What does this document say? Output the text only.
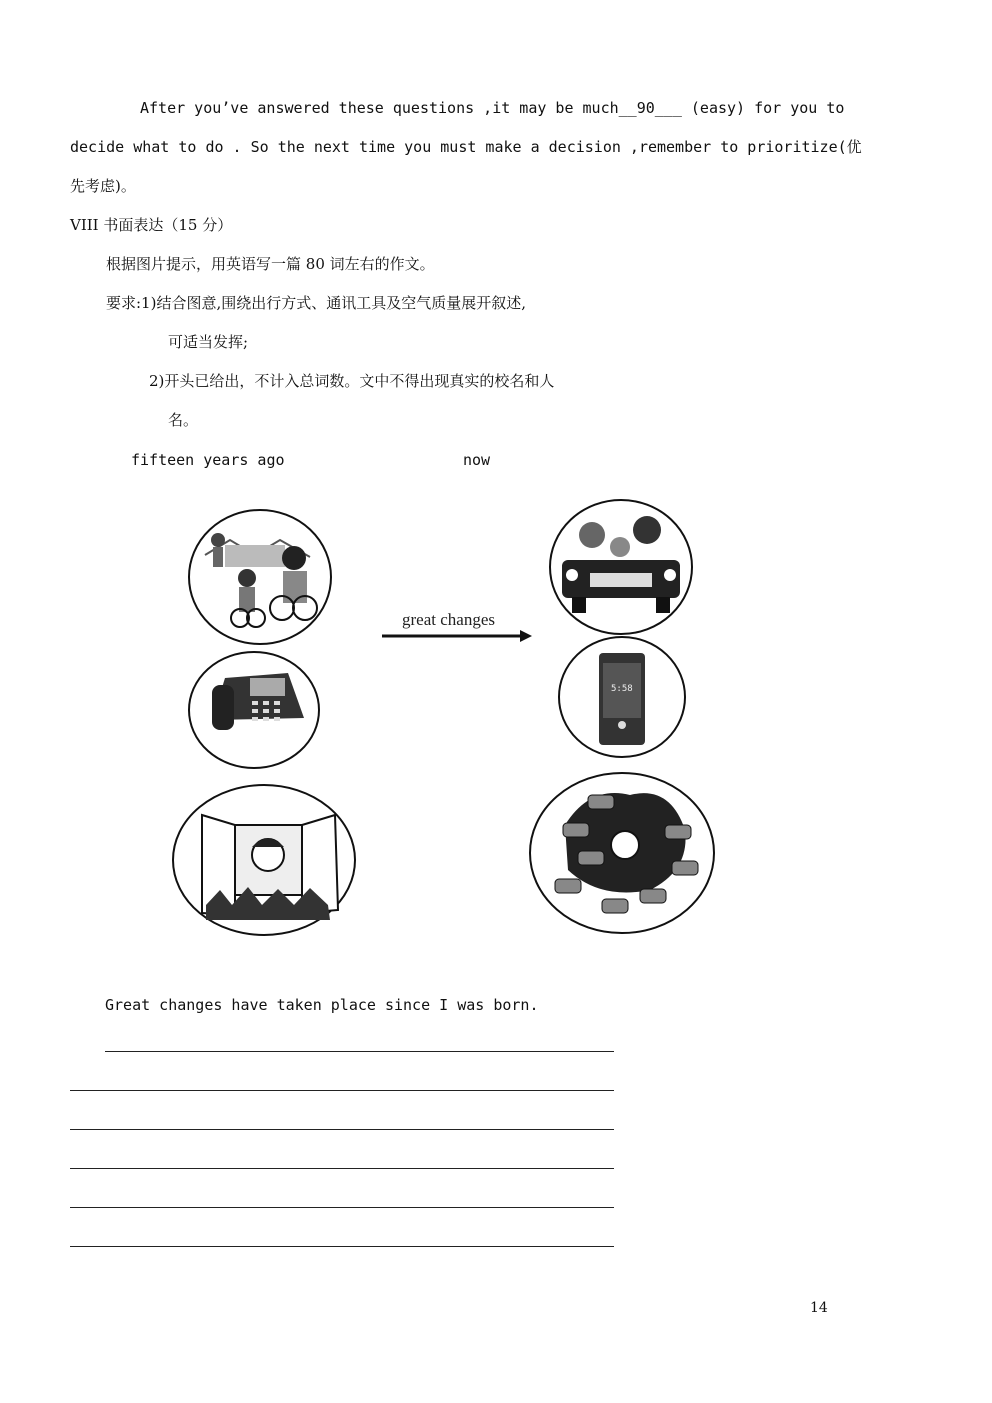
After you’ve answered these questions ,it may be much__90___ (easy) for you to
decide what to do . So the next time you must make a decision ,remember to prioritize(优
先考虑)。
VIII 书面表达（15 分）
根据图片提示，用英语写一篇 80 词左右的作文。
要求:1)结合图意,围绕出行方式、通讯工具及空气质量展开叙述,
可适当发挥;
2)开头已给出，不计入总词数。文中不得出现真实的校名和人
名。
fifteen years ago	now
great changes
5:58
Great changes have taken place since I was born.
14
